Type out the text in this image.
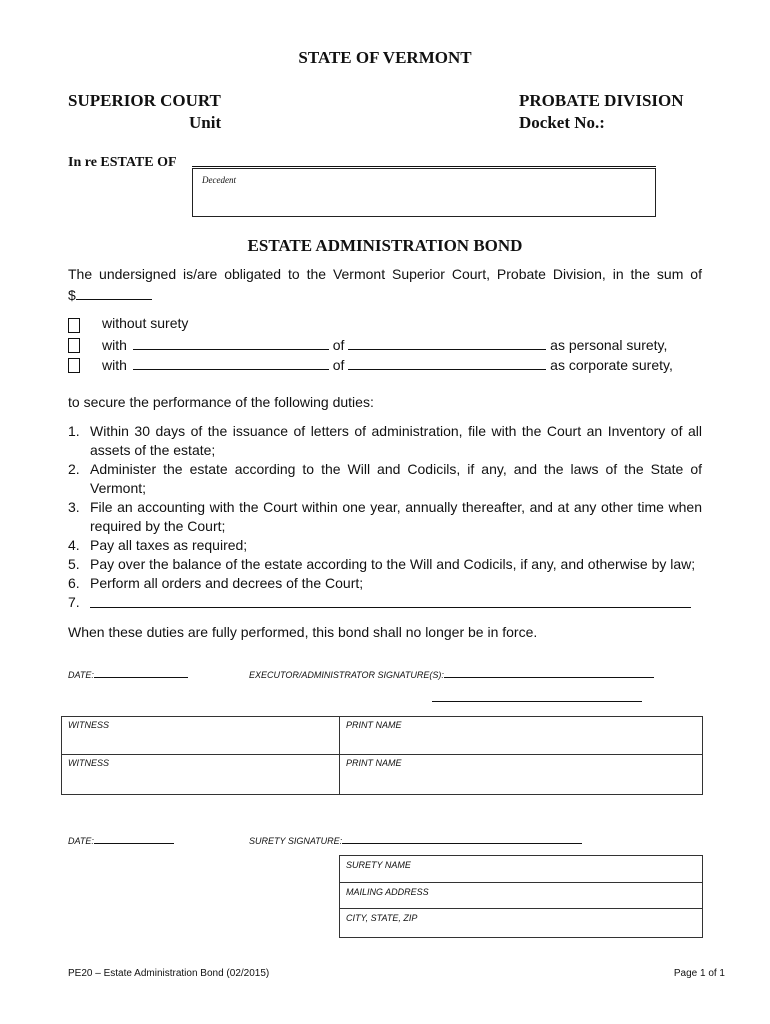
STATE OF VERMONT
SUPERIOR COURT
Unit
PROBATE DIVISION
Docket No.:
In re ESTATE OF
Decedent
ESTATE ADMINISTRATION BOND
The undersigned is/are obligated to the Vermont Superior Court, Probate Division, in the sum of
$
without surety
with	of	as personal surety,
with	of	as corporate surety,
to secure the performance of the following duties:
1. Within 30 days of the issuance of letters of administration, file with the Court an Inventory of all assets of the estate;
2. Administer the estate according to the Will and Codicils, if any, and the laws of the State of Vermont;
3. File an accounting with the Court within one year, annually thereafter, and at any other time when required by the Court;
4. Pay all taxes as required;
5. Pay over the balance of the estate according to the Will and Codicils, if any, and otherwise by law;
6. Perform all orders and decrees of the Court;
7.
When these duties are fully performed, this bond shall no longer be in force.
DATE:	EXECUTOR/ADMINISTRATOR SIGNATURE(S):
WITNESS	PRINT NAME
WITNESS	PRINT NAME
DATE:	SURETY SIGNATURE:
SURETY NAME
MAILING ADDRESS
CITY, STATE, ZIP
PE20 – Estate Administration Bond (02/2015)	Page 1 of 1
